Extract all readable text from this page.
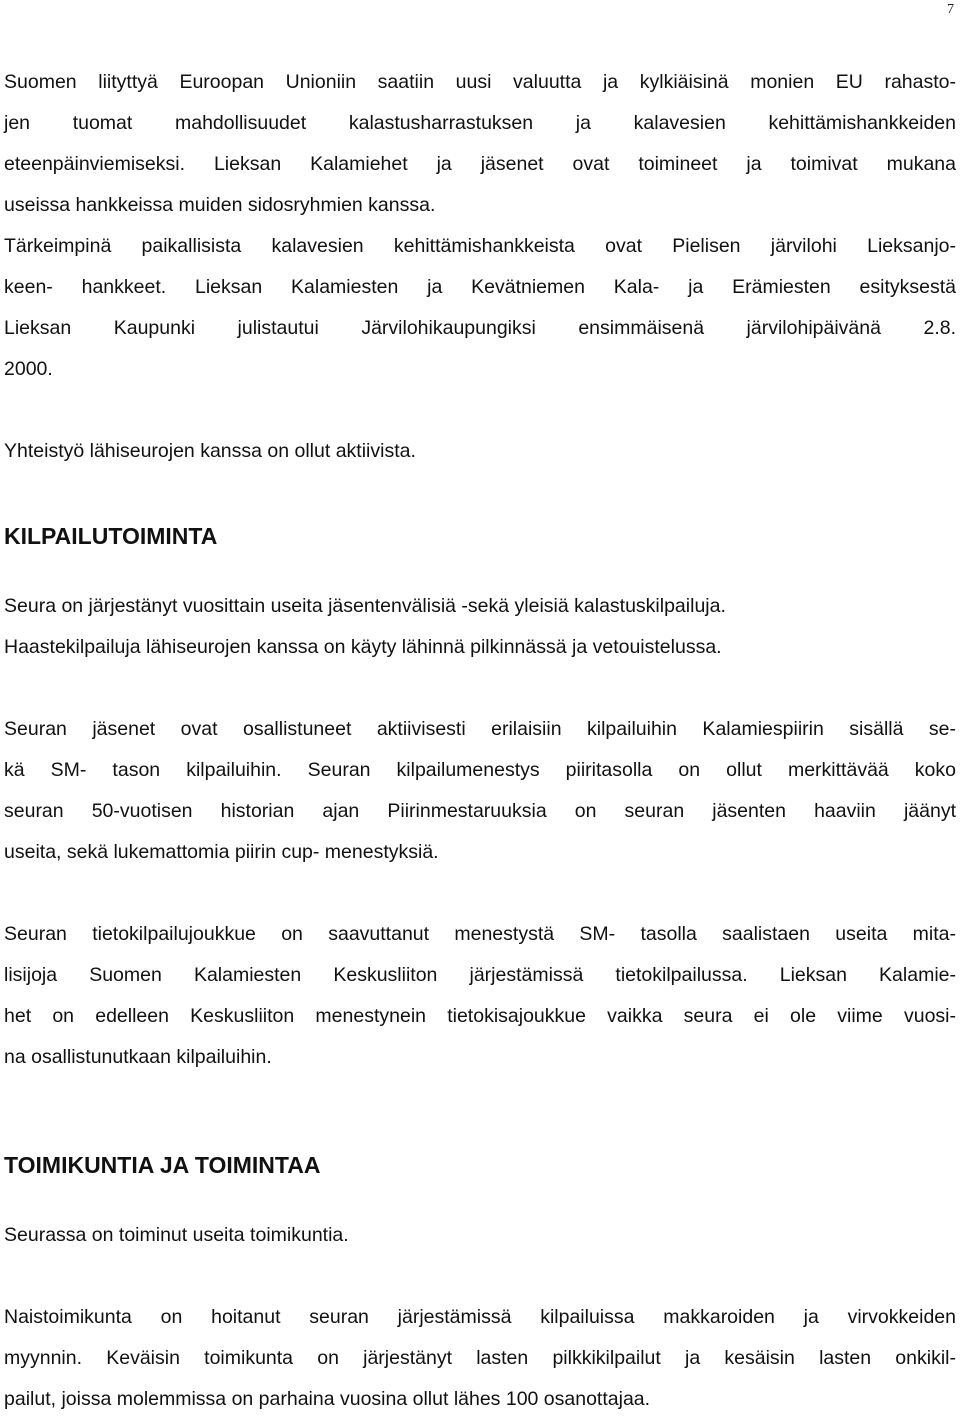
7
Suomen liityttyä Euroopan Unioniin saatiin uusi valuutta ja kylkiäisinä monien EU rahasto-
jen tuomat mahdollisuudet kalastusharrastuksen ja kalavesien kehittämishankkeiden
eteenpäinviemiseksi. Lieksan Kalamiehet ja jäsenet ovat toimineet ja toimivat mukana
useissa hankkeissa muiden sidosryhmien kanssa.
Tärkeimpinä paikallisista kalavesien kehittämishankkeista ovat Pielisen järvilohi Lieksanjo-
keen- hankkeet. Lieksan Kalamiesten ja Kevätniemen Kala- ja Erämiesten esityksestä
Lieksan Kaupunki julistautui Järvilohikaupungiksi ensimmäisenä järvilohipäivänä 2.8.
2000.
Yhteistyö lähiseurojen kanssa on ollut aktiivista.
KILPAILUTOIMINTA
Seura on järjestänyt vuosittain useita jäsentenvälisiä -sekä yleisiä kalastuskilpailuja.
Haastekilpailuja lähiseurojen kanssa on käyty lähinnä pilkinnässä ja vetouistelussa.
Seuran jäsenet ovat osallistuneet aktiivisesti erilaisiin kilpailuihin Kalamiespiirin sisällä se-
kä SM- tason kilpailuihin. Seuran kilpailumenestys piiritasolla on ollut merkittävää koko
seuran 50-vuotisen historian ajan Piirinmestaruuksia on seuran jäsenten haaviin jäänyt
useita, sekä lukemattomia piirin cup- menestyksiä.
Seuran tietokilpailujoukkue on saavuttanut menestystä SM- tasolla saalistaen useita mita-
lisijoja Suomen Kalamiesten Keskusliiton järjestämissä tietokilpailussa. Lieksan Kalamie-
het on edelleen Keskusliiton menestynein tietokisajoukkue vaikka seura ei ole viime vuosi-
na osallistunutkaan kilpailuihin.
TOIMIKUNTIA JA TOIMINTAA
Seurassa on toiminut useita toimikuntia.
Naistoimikunta on hoitanut seuran järjestämissä kilpailuissa makkaroiden ja virvokkeiden
myynnin. Keväisin toimikunta on järjestänyt lasten pilkkikilpailut ja kesäisin lasten onkikil-
pailut, joissa molemmissa on parhaina vuosina ollut lähes 100 osanottajaa.
